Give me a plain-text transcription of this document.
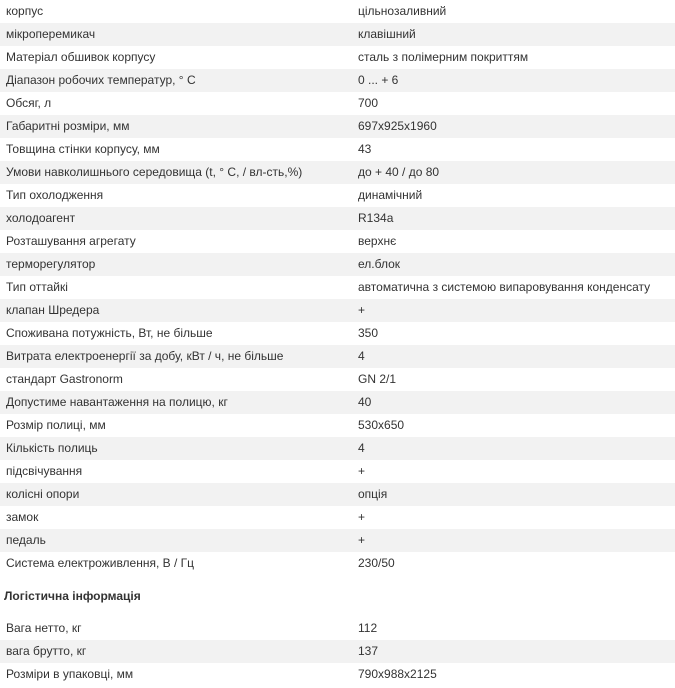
корпус	цільнозаливний
мікроперемикач	клавішний
Матеріал обшивок корпусу	сталь з полімерним покриттям
Діапазон робочих температур, ° С	0 ... + 6
Обсяг, л	700
Габаритні розміри, мм	697x925x1960
Товщина стінки корпусу, мм	43
Умови навколишнього середовища (t, ° С, / вл-сть,%)	до + 40 / до 80
Тип охолодження	динамічний
холодоагент	R134a
Розташування агрегату	верхнє
терморегулятор	ел.блок
Тип оттайкі	автоматична з системою випаровування конденсату
клапан Шредера	+
Споживана потужність, Вт, не більше	350
Витрата електроенергії за добу, кВт / ч, не більше	4
стандарт Gastronorm	GN 2/1
Допустиме навантаження на полицю, кг	40
Розмір полиці, мм	530x650
Кількість полиць	4
підсвічування	+
колісні опори	опція
замок	+
педаль	+
Система електроживлення, В / Гц	230/50
Логістична інформація
Вага нетто, кг	112
вага брутто, кг	137
Розміри в упаковці, мм	790x988x2125
